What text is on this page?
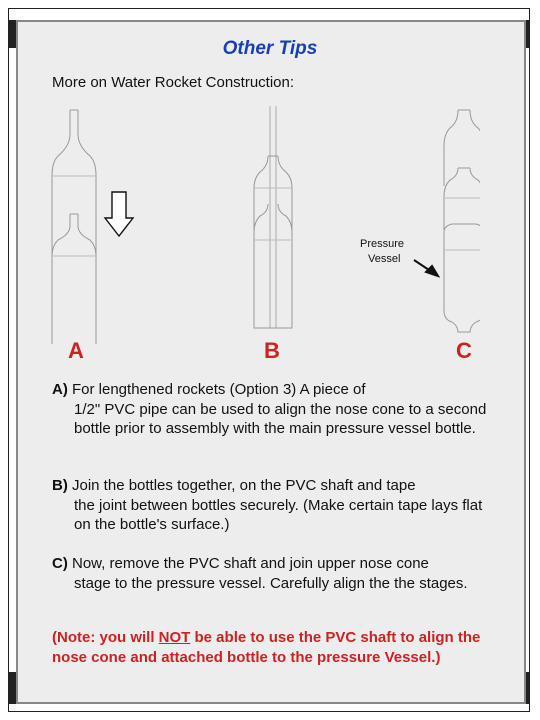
Other Tips
More on Water Rocket Construction:
A	B	C
Pressure
Vessel
A) For lengthened rockets (Option 3) A piece of
1/2" PVC pipe can be used to align the nose cone to a second bottle prior to assembly with the main pressure vessel bottle.
B) Join the bottles together, on the PVC shaft and tape
the joint between bottles securely. (Make certain tape lays flat on the bottle's surface.)
C) Now, remove the PVC shaft and join upper nose cone
stage to the pressure vessel. Carefully align the the stages.
(Note: you will NOT be able to use the PVC shaft to align the nose cone and attached bottle to the pressure Vessel.)
